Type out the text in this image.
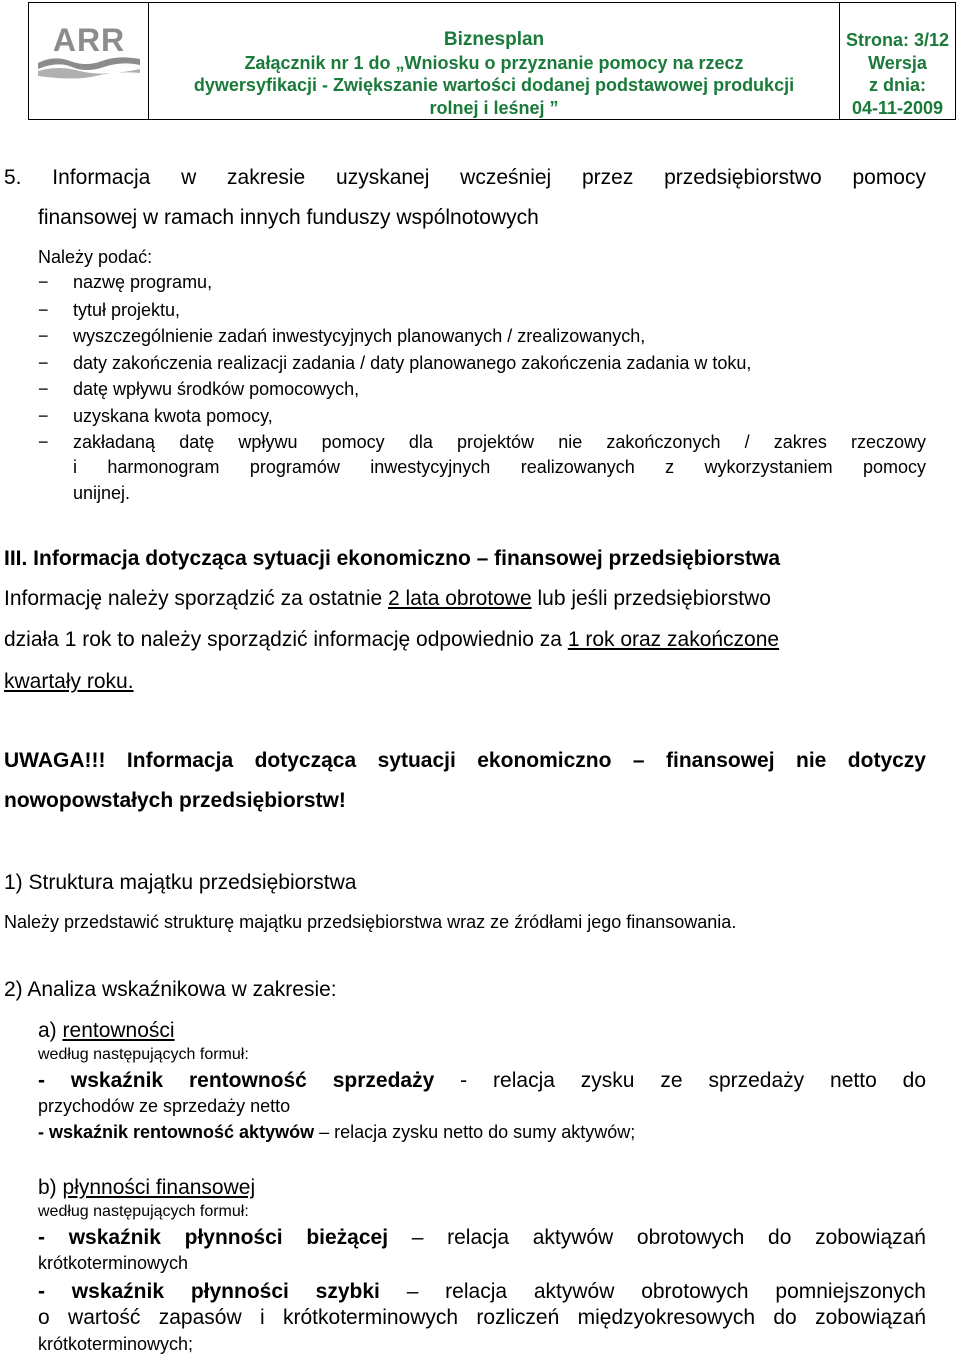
ARR	Biznesplan
Załącznik nr 1 do „Wniosku o przyznanie pomocy na rzecz
dywersyfikacji - Zwiększanie wartości dodanej podstawowej produkcji
rolnej i leśnej ”
Strona: 3/12
Wersja
z dnia:
04-11-2009
5. Informacja w zakresie uzyskanej wcześniej przez przedsiębiorstwo pomocy
finansowej w ramach innych funduszy wspólnotowych
Należy podać:
− nazwę programu,
− tytuł projektu,
− wyszczególnienie zadań inwestycyjnych planowanych / zrealizowanych,
− daty zakończenia realizacji zadania / daty planowanego zakończenia zadania w toku,
− datę wpływu środków pomocowych,
− uzyskana kwota pomocy,
− zakładaną datę wpływu pomocy dla projektów nie zakończonych / zakres rzeczowy
i harmonogram programów inwestycyjnych realizowanych z wykorzystaniem pomocy
unijnej.
III. Informacja dotycząca sytuacji ekonomiczno – finansowej przedsiębiorstwa
Informację należy sporządzić za ostatnie 2 lata obrotowe lub jeśli przedsiębiorstwo
działa 1 rok to należy sporządzić informację odpowiednio za 1 rok oraz zakończone
kwartały roku.
UWAGA!!! Informacja dotycząca sytuacji ekonomiczno – finansowej nie dotyczy
nowopowstałych przedsiębiorstw!
1) Struktura majątku przedsiębiorstwa
Należy przedstawić strukturę majątku przedsiębiorstwa wraz ze źródłami jego finansowania.
2) Analiza wskaźnikowa w zakresie:
a) rentowności
według następujących formuł:
- wskaźnik rentowność sprzedaży - relacja zysku ze sprzedaży netto do
przychodów ze sprzedaży netto
- wskaźnik rentowność aktywów – relacja zysku netto do sumy aktywów;
b) płynności finansowej
według następujących formuł:
- wskaźnik płynności bieżącej – relacja aktywów obrotowych do zobowiązań
krótkoterminowych
- wskaźnik płynności szybki – relacja aktywów obrotowych pomniejszonych
o wartość zapasów i krótkoterminowych rozliczeń międzyokresowych do zobowiązań
krótkoterminowych;
